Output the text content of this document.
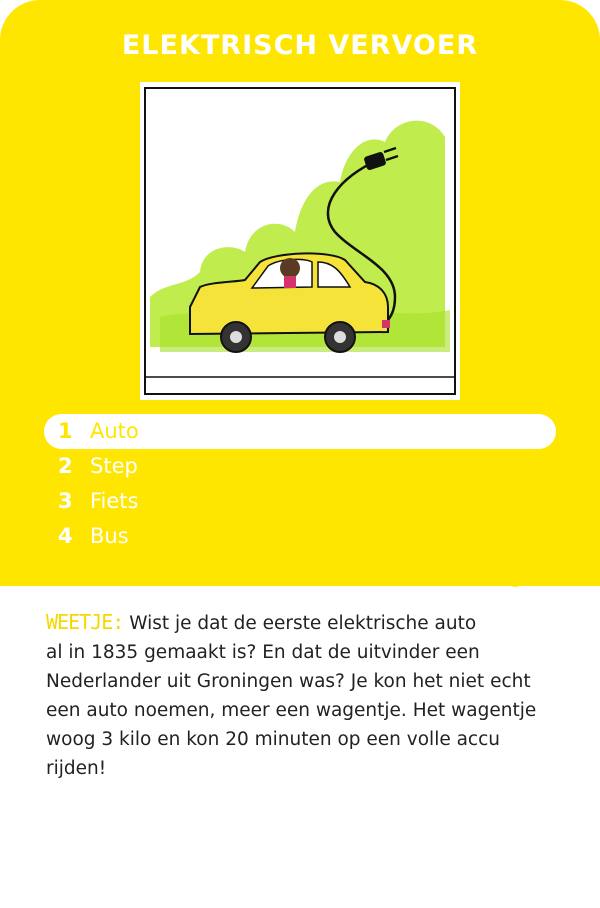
ELEKTRISCH VERVOER
1 Auto
2 Step
3 Fiets
4 Bus
WEETJE: Wist je dat de eerste elektrische auto
al in 1835 gemaakt is? En dat de uitvinder een
Nederlander uit Groningen was? Je kon het niet echt
een auto noemen, meer een wagentje. Het wagentje
woog 3 kilo en kon 20 minuten op een volle accu
rijden!
